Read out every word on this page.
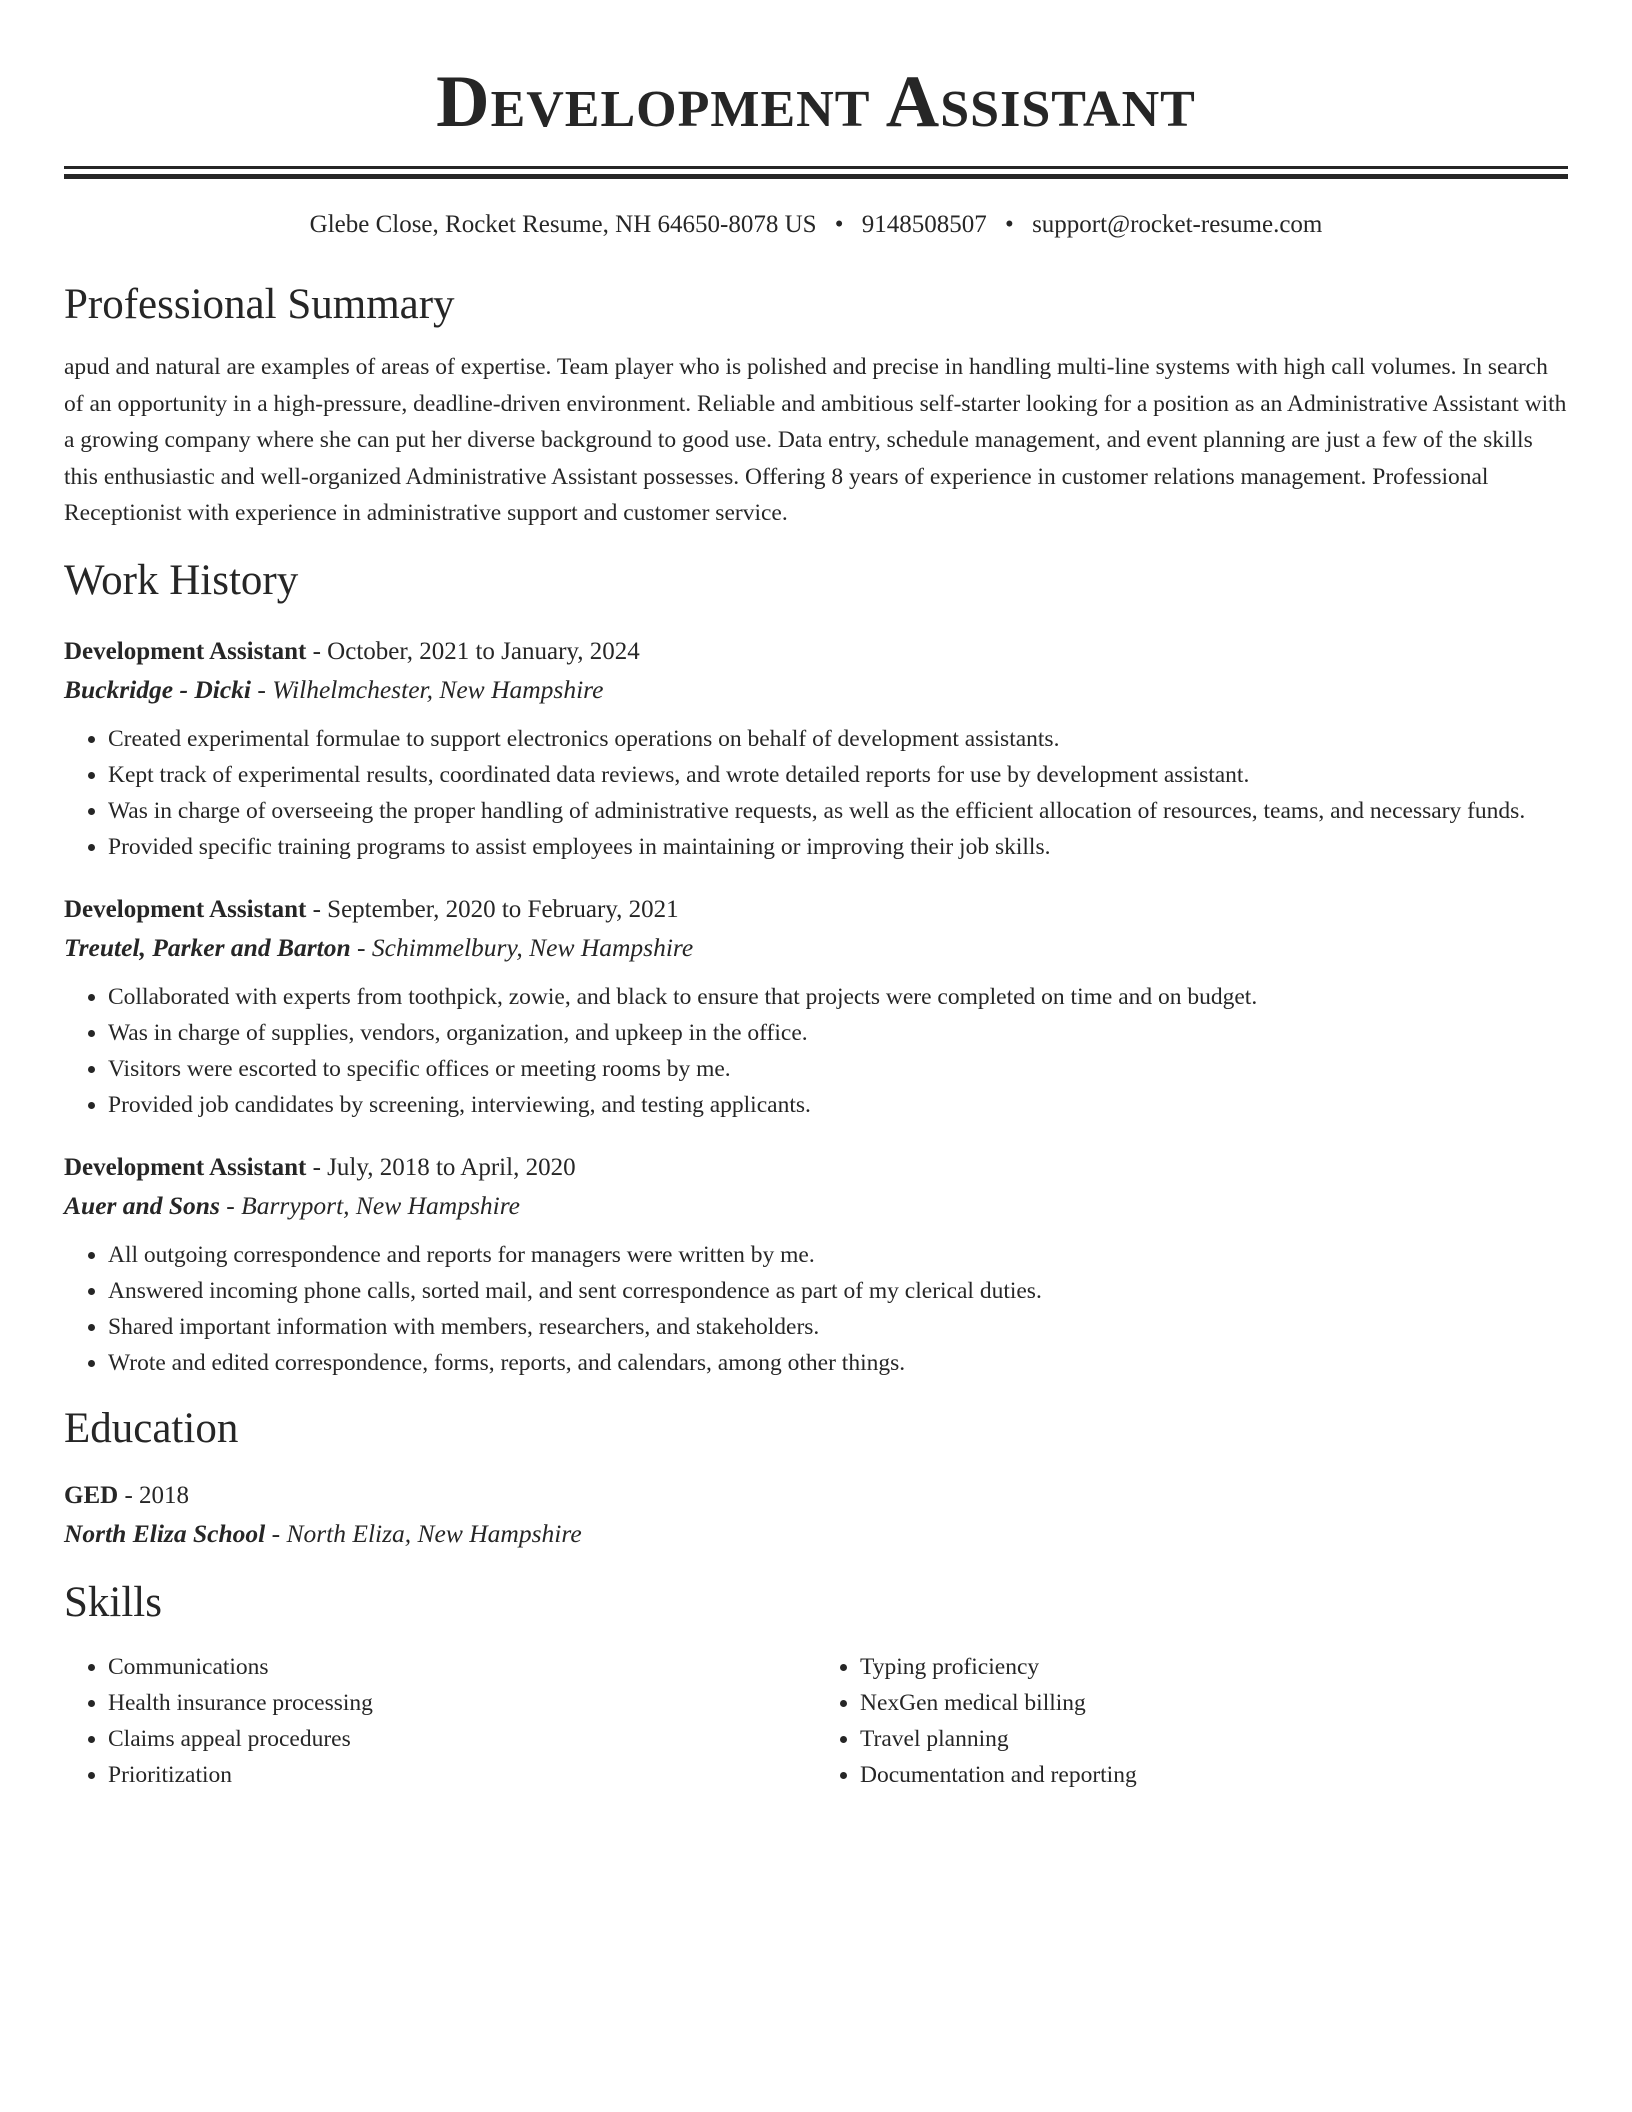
Development Assistant
Glebe Close, Rocket Resume, NH 64650-8078 US • 9148508507 • support@rocket-resume.com
Professional Summary

apud and natural are examples of areas of expertise. Team player who is polished and precise in handling multi-line systems with high call volumes. In search of an opportunity in a high-pressure, deadline-driven environment. Reliable and ambitious self-starter looking for a position as an Administrative Assistant with a growing company where she can put her diverse background to good use. Data entry, schedule management, and event planning are just a few of the skills this enthusiastic and well-organized Administrative Assistant possesses. Offering 8 years of experience in customer relations management. Professional Receptionist with experience in administrative support and customer service.

Work History
Development Assistant - October, 2021 to January, 2024
Buckridge - Dicki - Wilhelmchester, New Hampshire
• Created experimental formulae to support electronics operations on behalf of development assistants.
• Kept track of experimental results, coordinated data reviews, and wrote detailed reports for use by development assistant.
• Was in charge of overseeing the proper handling of administrative requests, as well as the efficient allocation of resources, teams, and necessary funds.
• Provided specific training programs to assist employees in maintaining or improving their job skills.
Development Assistant - September, 2020 to February, 2021
Treutel, Parker and Barton - Schimmelbury, New Hampshire
• Collaborated with experts from toothpick, zowie, and black to ensure that projects were completed on time and on budget.
• Was in charge of supplies, vendors, organization, and upkeep in the office.
• Visitors were escorted to specific offices or meeting rooms by me.
• Provided job candidates by screening, interviewing, and testing applicants.
Development Assistant - July, 2018 to April, 2020
Auer and Sons - Barryport, New Hampshire
• All outgoing correspondence and reports for managers were written by me.
• Answered incoming phone calls, sorted mail, and sent correspondence as part of my clerical duties.
• Shared important information with members, researchers, and stakeholders.
• Wrote and edited correspondence, forms, reports, and calendars, among other things.
Education
GED - 2018
North Eliza School - North Eliza, New Hampshire
Skills
• Communications
• Health insurance processing
• Claims appeal procedures
• Prioritization
• Typing proficiency
• NexGen medical billing
• Travel planning
• Documentation and reporting
